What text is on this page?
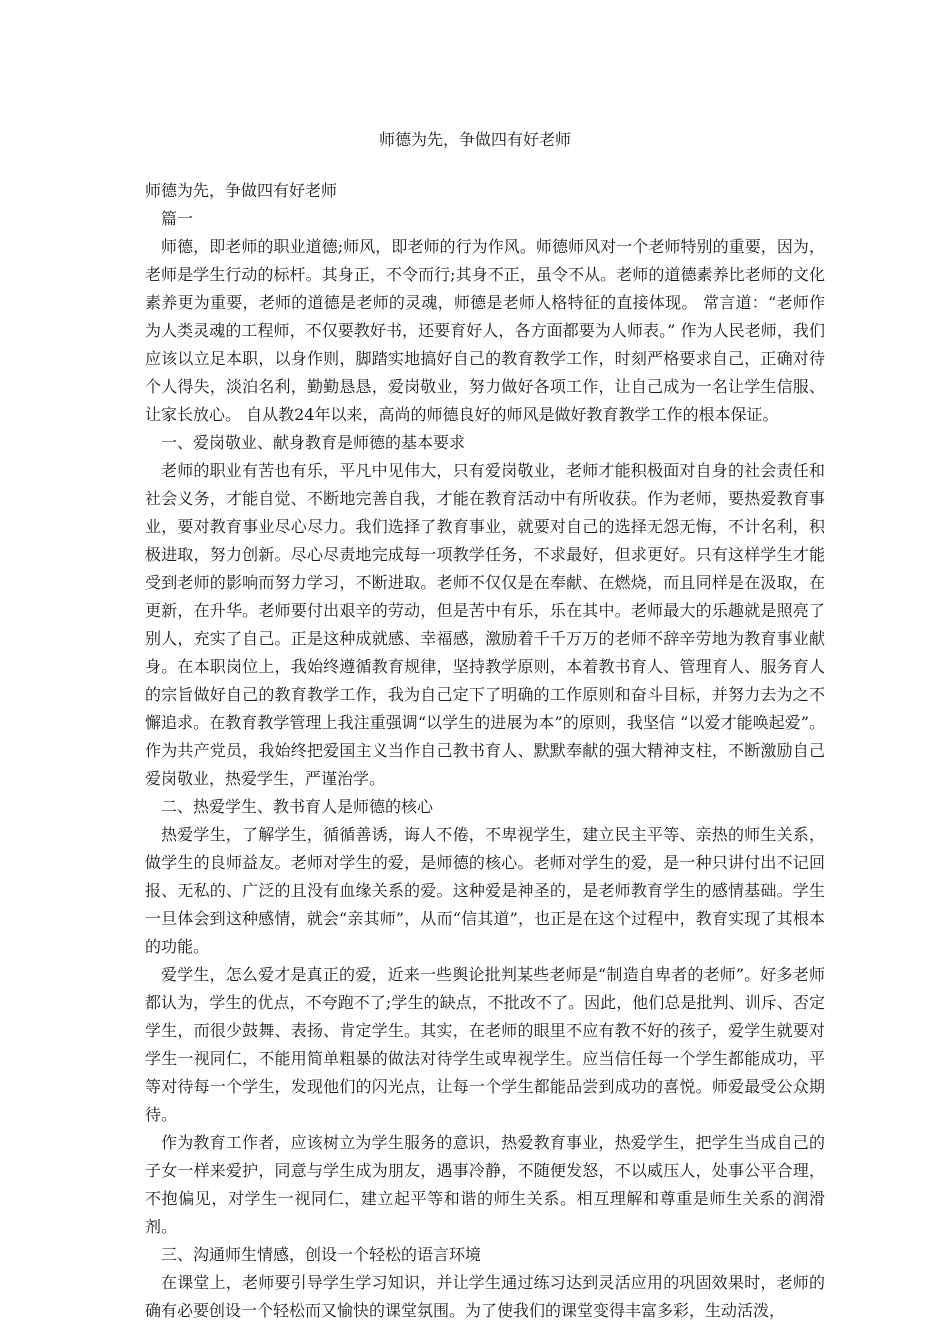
师德为先，争做四有好老师

师德为先，争做四有好老师

篇一

师德，即老师的职业道德;师风，即老师的行为作风。师德师风对一个老师特别的重要，因为，老师是学生行动的标杆。其身正，不令而行;其身不正，虽令不从。老师的道德素养比老师的文化素养更为重要，老师的道德是老师的灵魂，师德是老师人格特征的直接体现。 常言道：“老师作为人类灵魂的工程师，不仅要教好书，还要育好人，各方面都要为人师表。” 作为人民老师，我们应该以立足本职，以身作则，脚踏实地搞好自己的教育教学工作，时刻严格要求自己，正确对待个人得失，淡泊名利，勤勤恳恳，爱岗敬业，努力做好各项工作，让自己成为一名让学生信服、让家长放心。 自从教24年以来，高尚的师德良好的师风是做好教育教学工作的根本保证。

一、爱岗敬业、献身教育是师德的基本要求

老师的职业有苦也有乐，平凡中见伟大，只有爱岗敬业，老师才能积极面对自身的社会责任和社会义务，才能自觉、不断地完善自我，才能在教育活动中有所收获。作为老师，要热爱教育事业，要对教育事业尽心尽力。我们选择了教育事业，就要对自己的选择无怨无悔，不计名利，积极进取，努力创新。尽心尽责地完成每一项教学任务，不求最好，但求更好。只有这样学生才能受到老师的影响而努力学习，不断进取。老师不仅仅是在奉献、在燃烧，而且同样是在汲取，在更新，在升华。老师要付出艰辛的劳动，但是苦中有乐，乐在其中。老师最大的乐趣就是照亮了别人，充实了自己。正是这种成就感、幸福感，激励着千千万万的老师不辞辛劳地为教育事业献身。在本职岗位上，我始终遵循教育规律，坚持教学原则，本着教书育人、管理育人、服务育人的宗旨做好自己的教育教学工作，我为自己定下了明确的工作原则和奋斗目标，并努力去为之不懈追求。在教育教学管理上我注重强调“以学生的进展为本”的原则，我坚信 “以爱才能唤起爱”。作为共产党员，我始终把爱国主义当作自己教书育人、默默奉献的强大精神支柱，不断激励自己爱岗敬业，热爱学生，严谨治学。

二、热爱学生、教书育人是师德的核心

热爱学生，了解学生，循循善诱，诲人不倦，不卑视学生，建立民主平等、亲热的师生关系，做学生的良师益友。老师对学生的爱，是师德的核心。老师对学生的爱，是一种只讲付出不记回报、无私的、广泛的且没有血缘关系的爱。这种爱是神圣的，是老师教育学生的感情基础。学生一旦体会到这种感情，就会“亲其师”，从而“信其道”，也正是在这个过程中，教育实现了其根本的功能。

爱学生，怎么爱才是真正的爱，近来一些舆论批判某些老师是“制造自卑者的老师”。好多老师都认为，学生的优点，不夸跑不了;学生的缺点，不批改不了。因此，他们总是批判、训斥、否定学生，而很少鼓舞、表扬、肯定学生。其实，在老师的眼里不应有教不好的孩子，爱学生就要对学生一视同仁，不能用简单粗暴的做法对待学生或卑视学生。应当信任每一个学生都能成功，平等对待每一个学生，发现他们的闪光点，让每一个学生都能品尝到成功的喜悦。师爱最受公众期待。

作为教育工作者，应该树立为学生服务的意识，热爱教育事业，热爱学生，把学生当成自己的子女一样来爱护，同意与学生成为朋友，遇事冷静，不随便发怒，不以威压人，处事公平合理，不抱偏见，对学生一视同仁，建立起平等和谐的师生关系。相互理解和尊重是师生关系的润滑剂。

三、沟通师生情感，创设一个轻松的语言环境

在课堂上，老师要引导学生学习知识，并让学生通过练习达到灵活应用的巩固效果时，老师的确有必要创设一个轻松而又愉快的课堂氛围。为了使我们的课堂变得丰富多彩，生动活泼，
